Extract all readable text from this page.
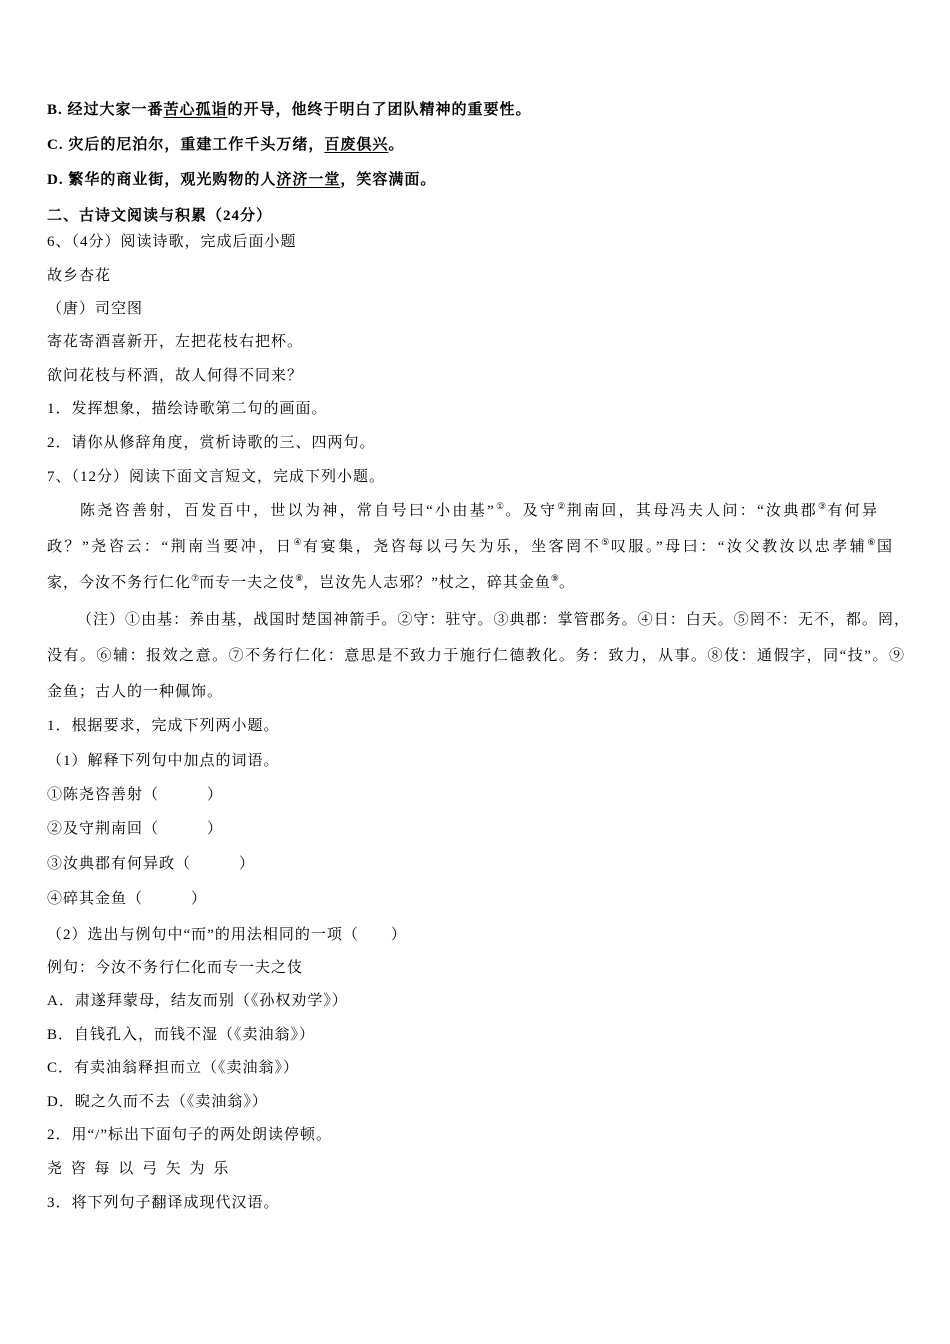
B. 经过大家一番苦心孤诣的开导，他终于明白了团队精神的重要性。
C. 灾后的尼泊尔，重建工作千头万绪，百废俱兴。
D. 繁华的商业街，观光购物的人济济一堂，笑容满面。
二、古诗文阅读与积累（24分）
6、（4分）阅读诗歌，完成后面小题
故乡杏花
（唐）司空图
寄花寄酒喜新开，左把花枝右把杯。
欲问花枝与杯酒，故人何得不同来？
1．发挥想象，描绘诗歌第二句的画面。
2．请你从修辞角度，赏析诗歌的三、四两句。
7、（12分）阅读下面文言短文，完成下列小题。
陈尧咨善射，百发百中，世以为神，常自号曰“小由基”①。及守②荆南回，其母冯夫人问：“汝典郡③有何异
政？”尧咨云：“荆南当要冲，日④有宴集，尧咨每以弓矢为乐，坐客罔不⑤叹服。”母曰：“汝父教汝以忠孝辅⑥国
家，今汝不务行仁化⑦而专一夫之伎⑧，岂汝先人志邪？”杖之，碎其金鱼⑨。
（注）①由基：养由基，战国时楚国神箭手。②守：驻守。③典郡：掌管郡务。④日：白天。⑤罔不：无不，都。罔，
没有。⑥辅：报效之意。⑦不务行仁化：意思是不致力于施行仁德教化。务：致力，从事。⑧伎：通假字，同“技”。⑨
金鱼；古人的一种佩饰。
1．根据要求，完成下列两小题。
（1）解释下列句中加点的词语。
①陈尧咨善射（　　　）
②及守荆南回（　　　）
③汝典郡有何异政（　　　）
④碎其金鱼（　　　）
（2）选出与例句中“而”的用法相同的一项（　　）
例句：今汝不务行仁化而专一夫之伎
A．肃遂拜蒙母，结友而别（《孙权劝学》）
B．自钱孔入，而钱不湿（《卖油翁》）
C．有卖油翁释担而立（《卖油翁》）
D．睨之久而不去（《卖油翁》）
2．用“/”标出下面句子的两处朗读停顿。
尧 咨 每 以 弓 矢 为 乐
3．将下列句子翻译成现代汉语。
